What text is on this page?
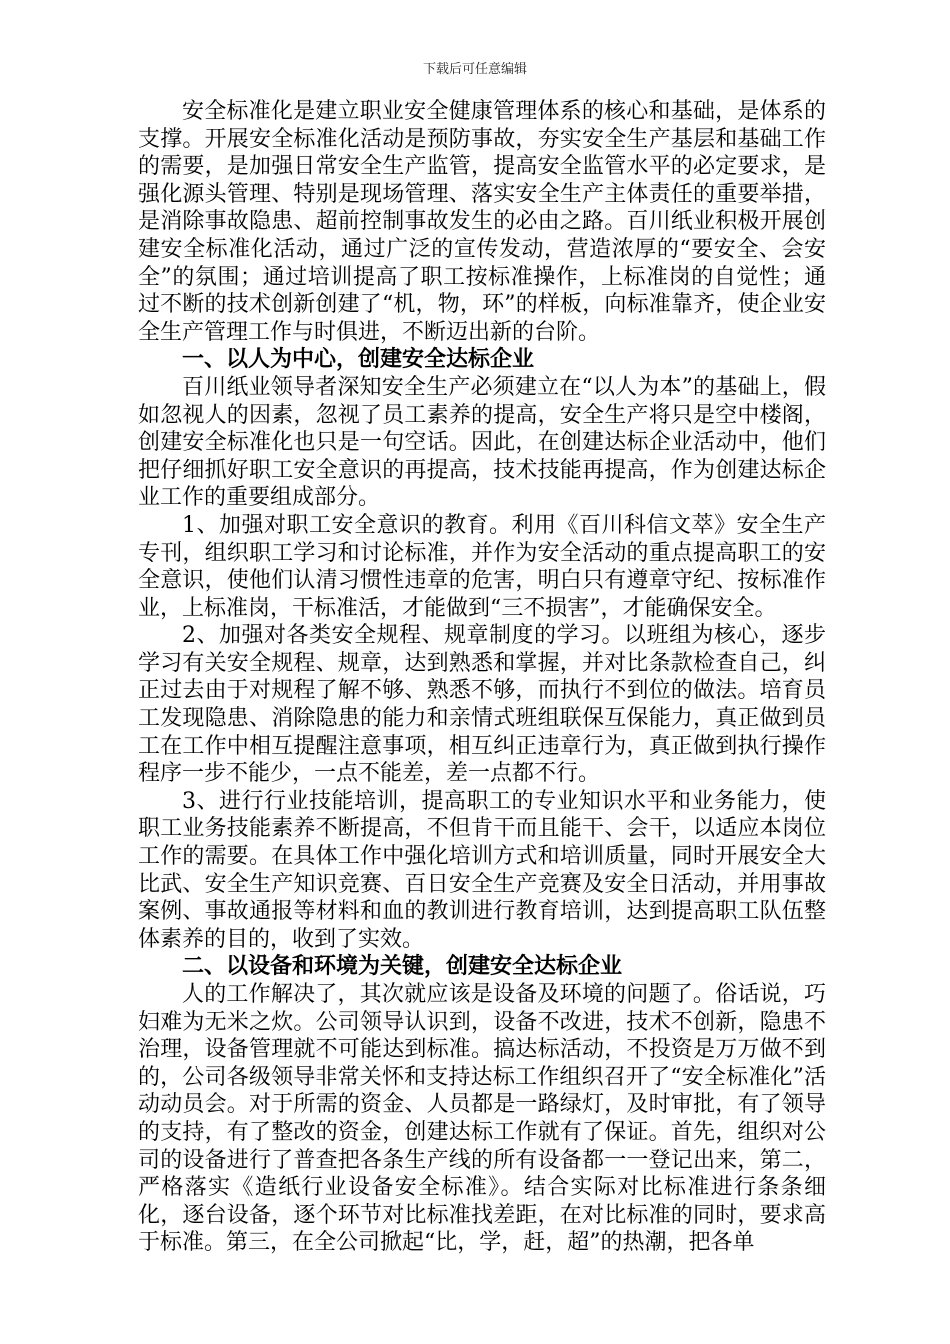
下载后可任意编辑

安全标准化是建立职业安全健康管理体系的核心和基础，是体系的支撑。开展安全标准化活动是预防事故，夯实安全生产基层和基础工作的需要，是加强日常安全生产监管，提高安全监管水平的必定要求，是强化源头管理、特别是现场管理、落实安全生产主体责任的重要举措，是消除事故隐患、超前控制事故发生的必由之路。百川纸业积极开展创建安全标准化活动，通过广泛的宣传发动，营造浓厚的“要安全、会安全”的氛围；通过培训提高了职工按标准操作，上标准岗的自觉性；通过不断的技术创新创建了“机，物，环”的样板，向标准靠齐，使企业安全生产管理工作与时俱进，不断迈出新的台阶。

一、以人为中心，创建安全达标企业

百川纸业领导者深知安全生产必须建立在“以人为本”的基础上，假如忽视人的因素，忽视了员工素养的提高，安全生产将只是空中楼阁，创建安全标准化也只是一句空话。因此，在创建达标企业活动中，他们把仔细抓好职工安全意识的再提高，技术技能再提高，作为创建达标企业工作的重要组成部分。

1、加强对职工安全意识的教育。利用《百川科信文萃》安全生产专刊，组织职工学习和讨论标准，并作为安全活动的重点提高职工的安全意识，使他们认清习惯性违章的危害，明白只有遵章守纪、按标准作业，上标准岗，干标准活，才能做到“三不损害”，才能确保安全。

2、加强对各类安全规程、规章制度的学习。以班组为核心，逐步学习有关安全规程、规章，达到熟悉和掌握，并对比条款检查自己，纠正过去由于对规程了解不够、熟悉不够，而执行不到位的做法。培育员工发现隐患、消除隐患的能力和亲情式班组联保互保能力，真正做到员工在工作中相互提醒注意事项，相互纠正违章行为，真正做到执行操作程序一步不能少，一点不能差，差一点都不行。

3、进行行业技能培训，提高职工的专业知识水平和业务能力，使职工业务技能素养不断提高，不但肯干而且能干、会干，以适应本岗位工作的需要。在具体工作中强化培训方式和培训质量，同时开展安全大比武、安全生产知识竞赛、百日安全生产竞赛及安全日活动，并用事故案例、事故通报等材料和血的教训进行教育培训，达到提高职工队伍整体素养的目的，收到了实效。

二、以设备和环境为关键，创建安全达标企业

人的工作解决了，其次就应该是设备及环境的问题了。俗话说，巧妇难为无米之炊。公司领导认识到，设备不改进，技术不创新，隐患不治理，设备管理就不可能达到标准。搞达标活动，不投资是万万做不到的，公司各级领导非常关怀和支持达标工作组织召开了“安全标准化”活动动员会。对于所需的资金、人员都是一路绿灯，及时审批，有了领导的支持，有了整改的资金，创建达标工作就有了保证。首先，组织对公司的设备进行了普查把各条生产线的所有设备都一一登记出来，第二，严格落实《造纸行业设备安全标准》。结合实际对比标准进行条条细化，逐台设备，逐个环节对比标准找差距，在对比标准的同时，要求高于标准。第三，在全公司掀起“比，学，赶，超”的热潮，把各单
